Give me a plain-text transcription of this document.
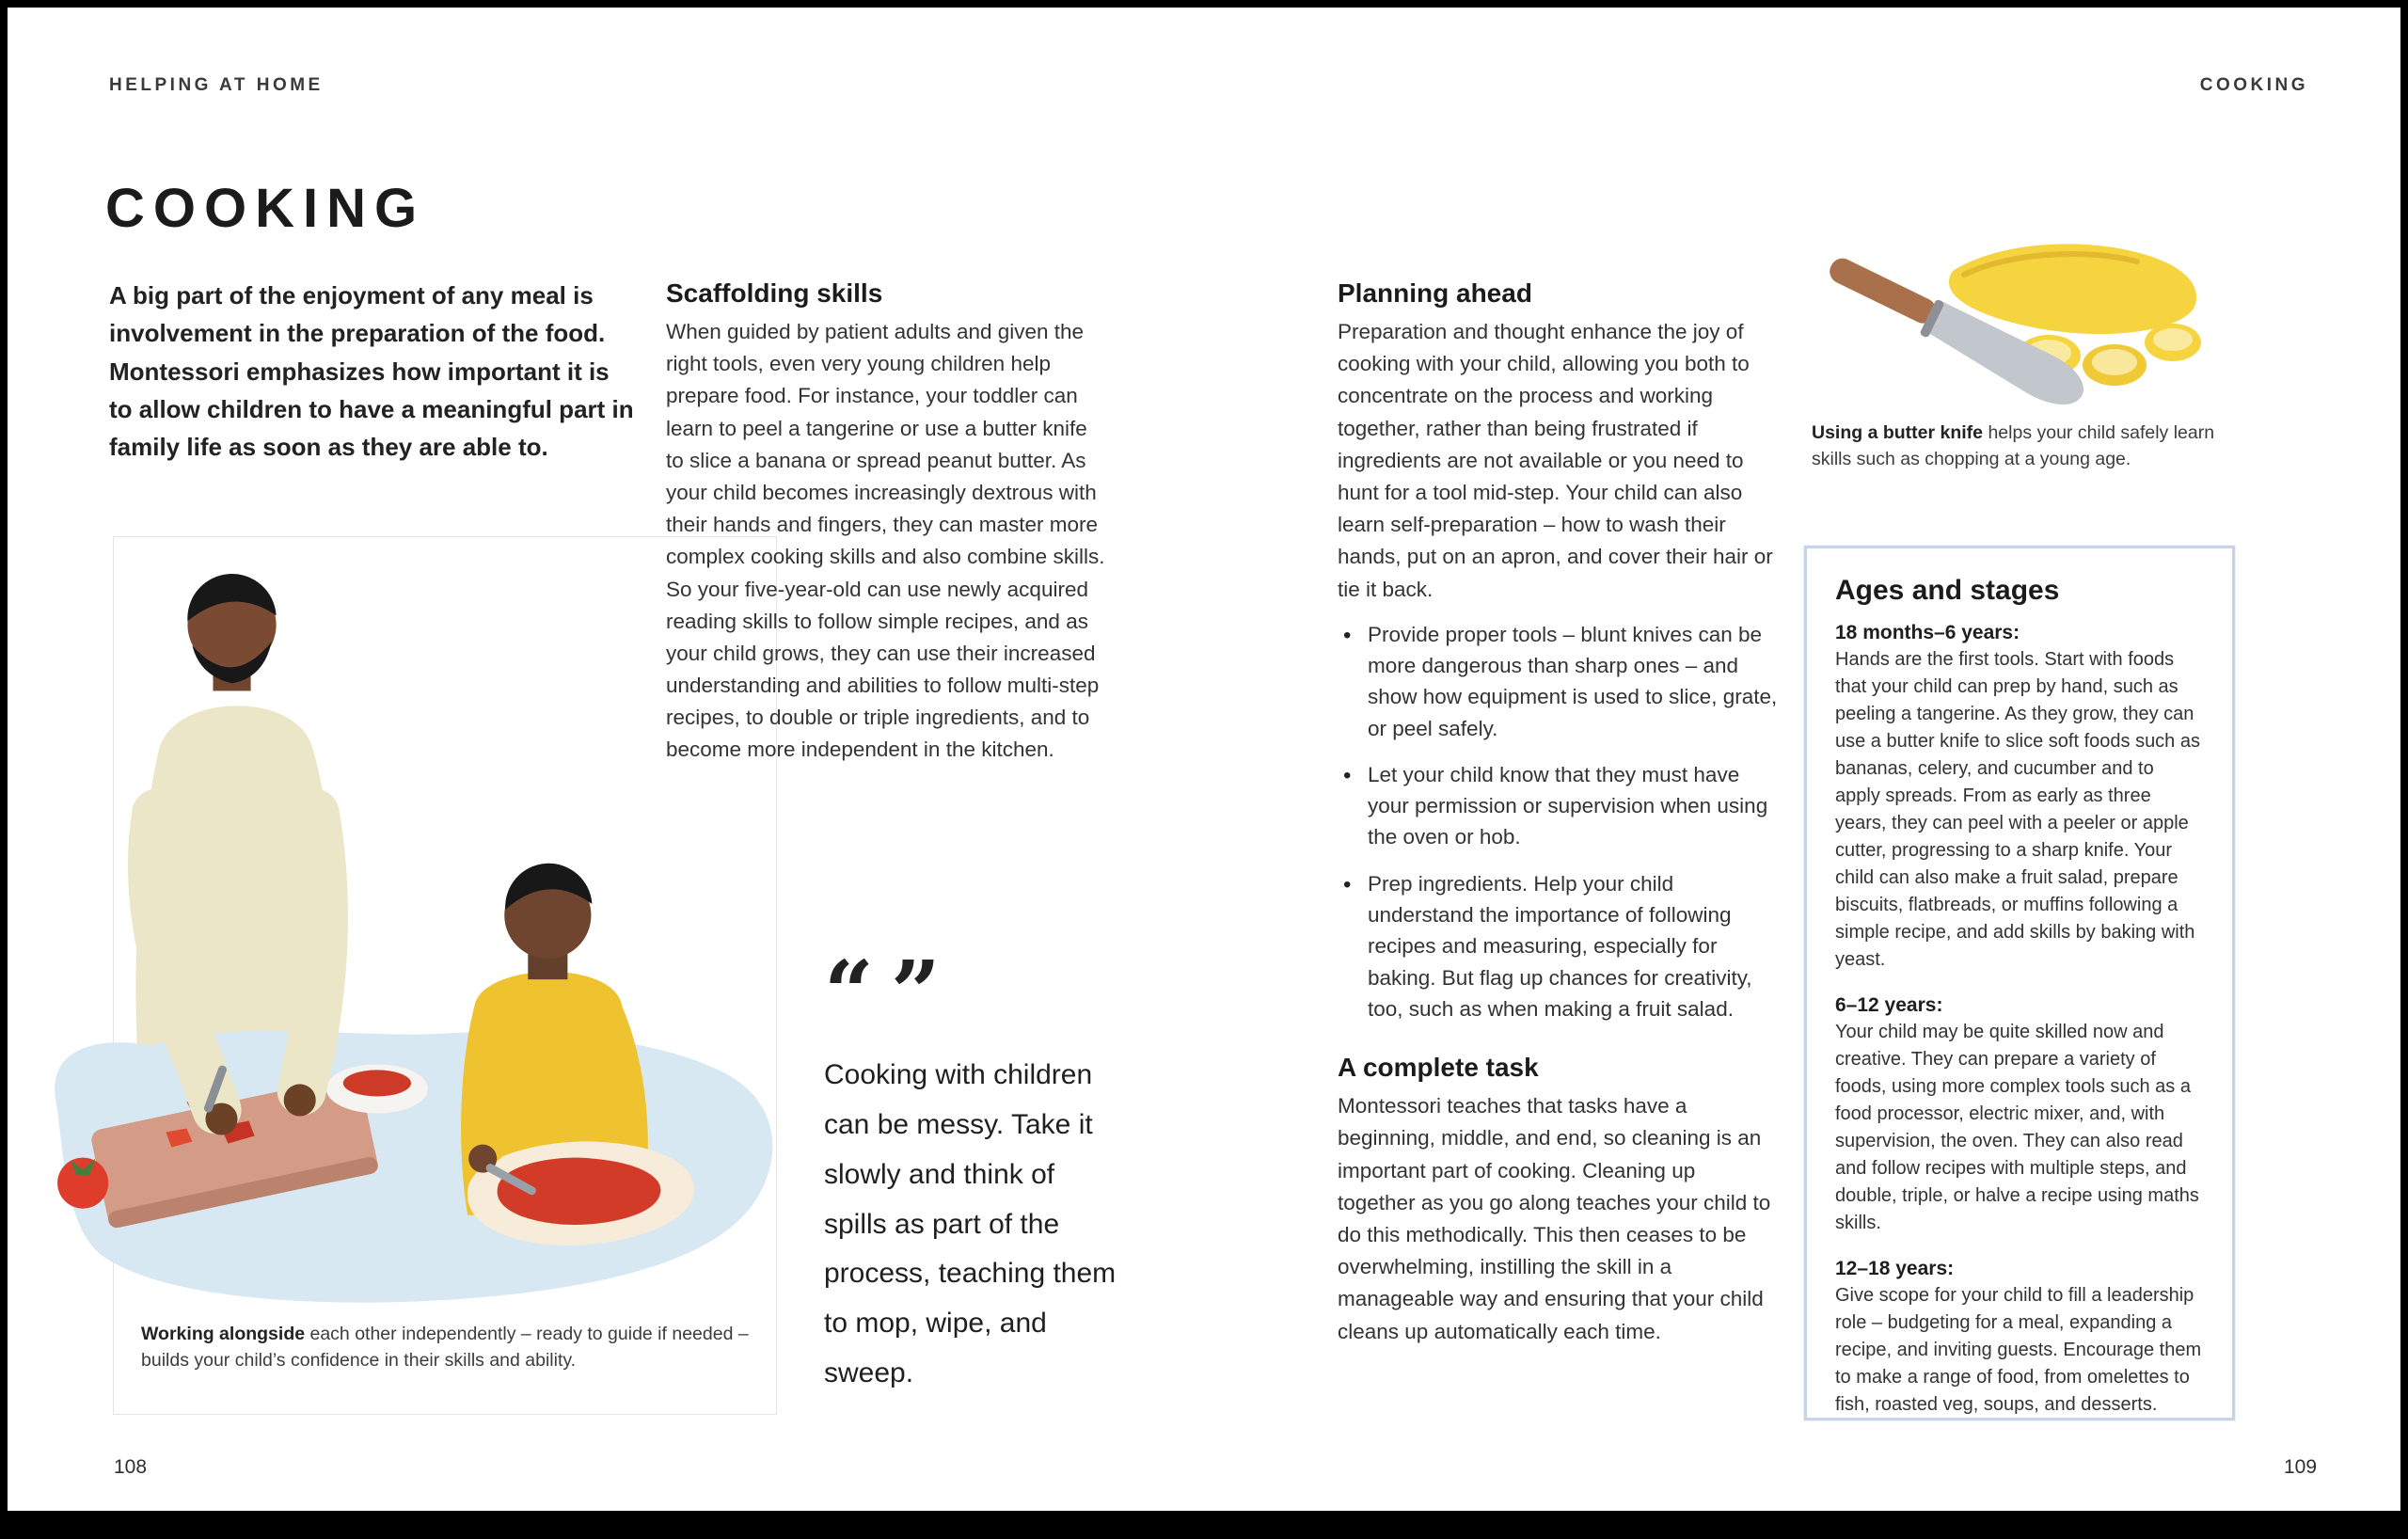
HELPING AT HOME
COOKING
A big part of the enjoyment of any meal is involvement in the preparation of the food. Montessori emphasizes how important it is to allow children to have a meaningful part in family life as soon as they are able to.
Working alongside each other independently – ready to guide if needed – builds your child’s confidence in their skills and ability.
108
Scaffolding skills
When guided by patient adults and given the right tools, even very young children help prepare food. For instance, your toddler can learn to peel a tangerine or use a butter knife to slice a banana or spread peanut butter. As your child becomes increasingly dextrous with their hands and fingers, they can master more complex cooking skills and also combine skills. So your five-year-old can use newly acquired reading skills to follow simple recipes, and as your child grows, they can use their increased understanding and abilities to follow multi-step recipes, to double or triple ingredients, and to become more independent in the kitchen.
“”
Cooking with children can be messy. Take it slowly and think of spills as part of the process, teaching them to mop, wipe, and sweep.
COOKING
Planning ahead
Preparation and thought enhance the joy of cooking with your child, allowing you both to concentrate on the process and working together, rather than being frustrated if ingredients are not available or you need to hunt for a tool mid-step. Your child can also learn self-preparation – how to wash their hands, put on an apron, and cover their hair or tie it back.
• Provide proper tools – blunt knives can be more dangerous than sharp ones – and show how equipment is used to slice, grate, or peel safely.
• Let your child know that they must have your permission or supervision when using the oven or hob.
• Prep ingredients. Help your child understand the importance of following recipes and measuring, especially for baking. But flag up chances for creativity, too, such as when making a fruit salad.
A complete task
Montessori teaches that tasks have a beginning, middle, and end, so cleaning is an important part of cooking. Cleaning up together as you go along teaches your child to do this methodically. This then ceases to be overwhelming, instilling the skill in a manageable way and ensuring that your child cleans up automatically each time.
Using a butter knife helps your child safely learn skills such as chopping at a young age.
Ages and stages
18 months–6 years:
Hands are the first tools. Start with foods that your child can prep by hand, such as peeling a tangerine. As they grow, they can use a butter knife to slice soft foods such as bananas, celery, and cucumber and to apply spreads. From as early as three years, they can peel with a peeler or apple cutter, progressing to a sharp knife. Your child can also make a fruit salad, prepare biscuits, flatbreads, or muffins following a simple recipe, and add skills by baking with yeast.
6–12 years:
Your child may be quite skilled now and creative. They can prepare a variety of foods, using more complex tools such as a food processor, electric mixer, and, with supervision, the oven. They can also read and follow recipes with multiple steps, and double, triple, or halve a recipe using maths skills.
12–18 years:
Give scope for your child to fill a leadership role – budgeting for a meal, expanding a recipe, and inviting guests. Encourage them to make a range of food, from omelettes to fish, roasted veg, soups, and desserts.
109
